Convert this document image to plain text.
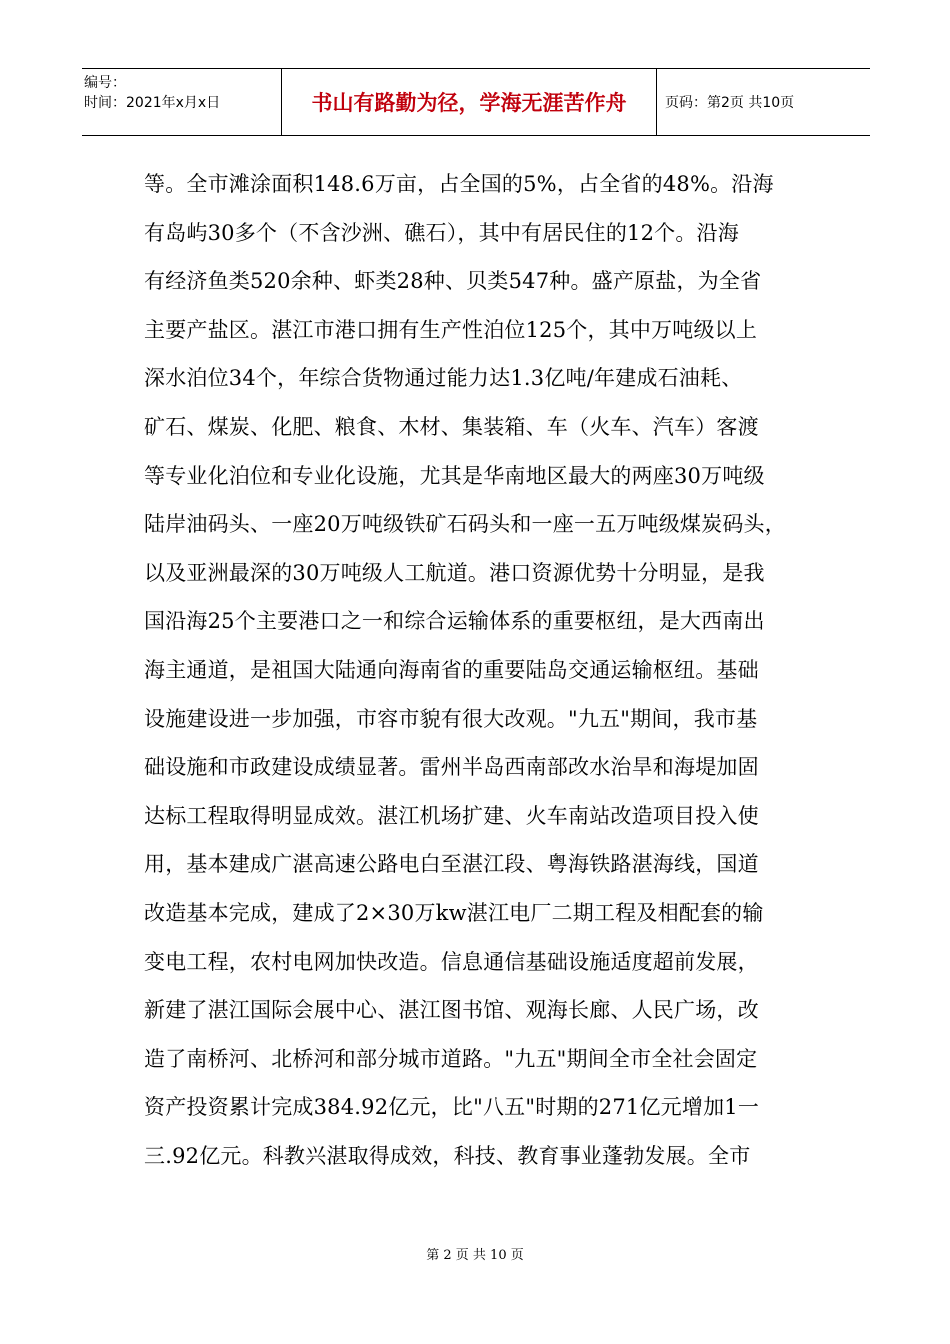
编号：
时间：2021年x月x日	书山有路勤为径，学海无涯苦作舟	页码：第2页 共10页
等。全市滩涂面积148.6万亩，占全国的5%，占全省的48%。沿海
有岛屿30多个（不含沙洲、礁石），其中有居民住的12个。沿海
有经济鱼类520余种、虾类28种、贝类547种。盛产原盐，为全省
主要产盐区。湛江市港口拥有生产性泊位125个，其中万吨级以上
深水泊位34个，年综合货物通过能力达1.3亿吨/年建成石油耗、
矿石、煤炭、化肥、粮食、木材、集装箱、车（火车、汽车）客渡
等专业化泊位和专业化设施，尤其是华南地区最大的两座30万吨级
陆岸油码头、一座20万吨级铁矿石码头和一座一五万吨级煤炭码头，
以及亚洲最深的30万吨级人工航道。港口资源优势十分明显，是我
国沿海25个主要港口之一和综合运输体系的重要枢纽，是大西南出
海主通道，是祖国大陆通向海南省的重要陆岛交通运输枢纽。基础
设施建设进一步加强，市容市貌有很大改观。"九五"期间，我市基
础设施和市政建设成绩显著。雷州半岛西南部改水治旱和海堤加固
达标工程取得明显成效。湛江机场扩建、火车南站改造项目投入使
用，基本建成广湛高速公路电白至湛江段、粤海铁路湛海线，国道
改造基本完成，建成了2×30万kw湛江电厂二期工程及相配套的输
变电工程，农村电网加快改造。信息通信基础设施适度超前发展，
新建了湛江国际会展中心、湛江图书馆、观海长廊、人民广场，改
造了南桥河、北桥河和部分城市道路。"九五"期间全市全社会固定
资产投资累计完成384.92亿元，比"八五"时期的271亿元增加1一
三.92亿元。科教兴湛取得成效，科技、教育事业蓬勃发展。全市
第 2 页 共 10 页
